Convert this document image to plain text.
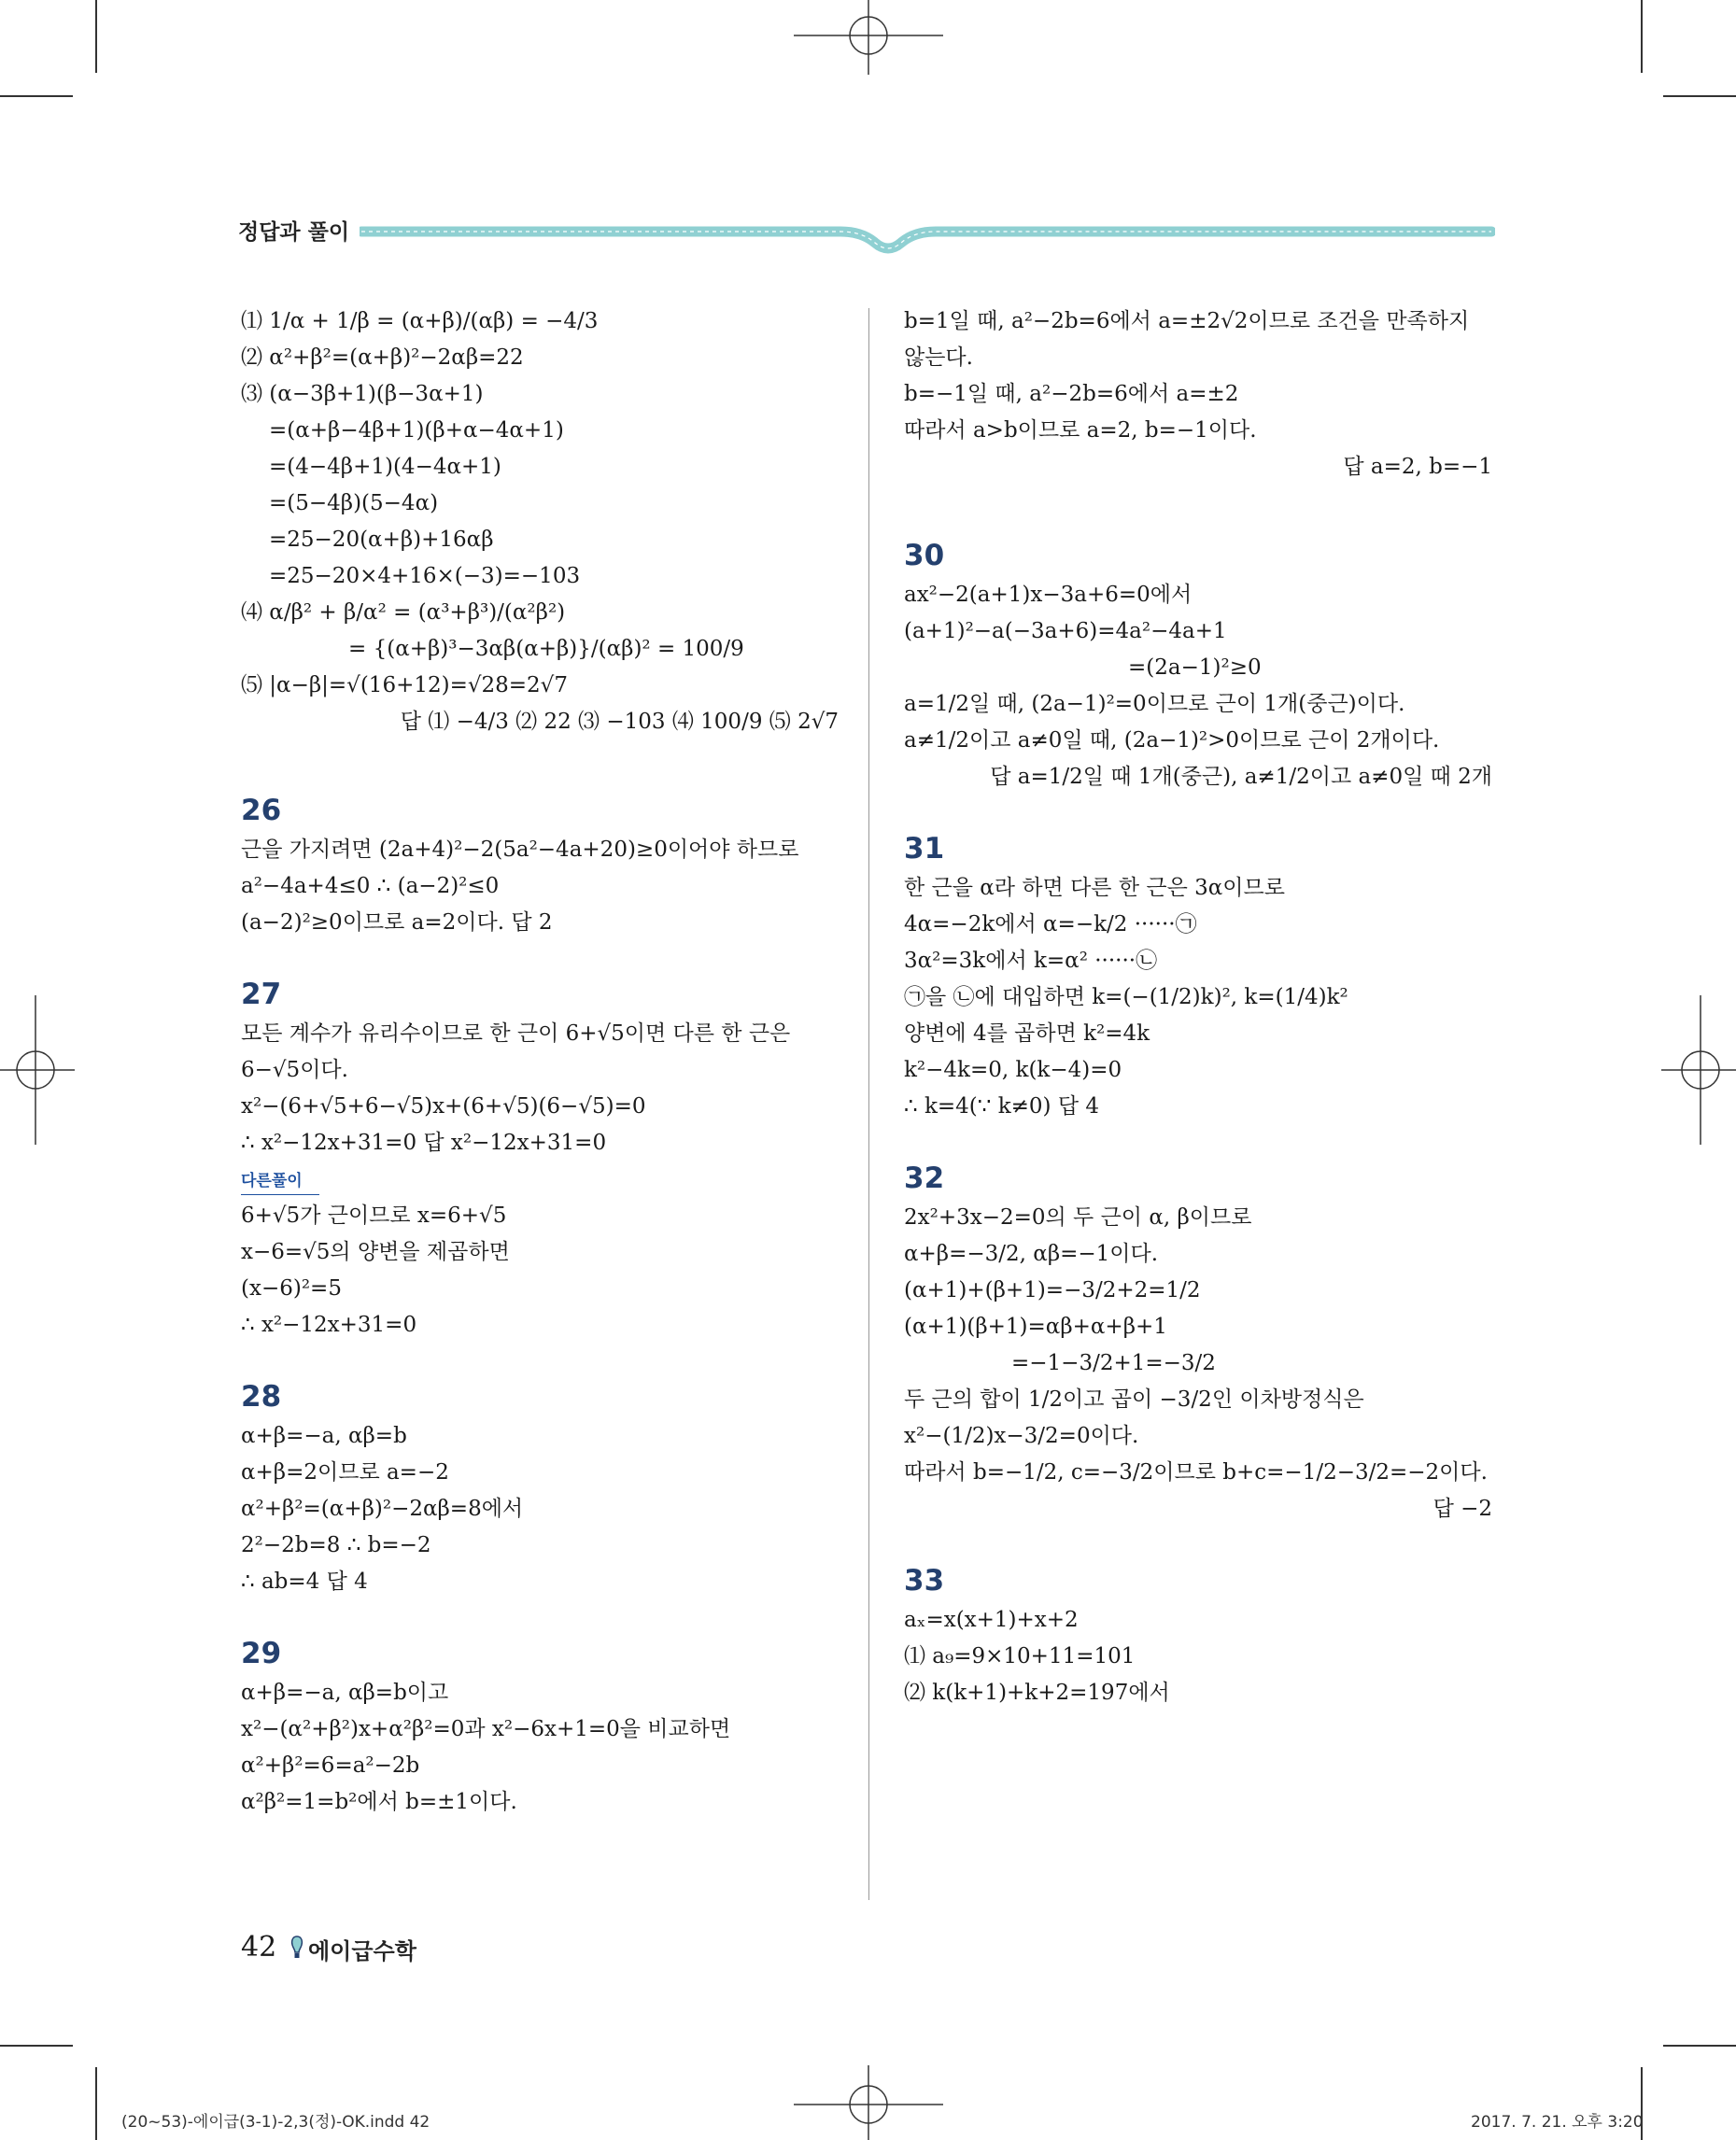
정답과 풀이
⑴ 1/α + 1/β = (α+β)/(αβ) = −4/3
⑵ α²+β²=(α+β)²−2αβ=22
⑶ (α−3β+1)(β−3α+1)
=(α+β−4β+1)(β+α−4α+1)
=(4−4β+1)(4−4α+1)
=(5−4β)(5−4α)
=25−20(α+β)+16αβ
=25−20×4+16×(−3)=−103
⑷ α/β² + β/α² = (α³+β³)/(α²β²)
= {(α+β)³−3αβ(α+β)}/(αβ)² = 100/9
⑸ |α−β|=√(16+12)=√28=2√7
답 ⑴ −4/3 ⑵ 22 ⑶ −103 ⑷ 100/9 ⑸ 2√7
26
근을 가지려면 (2a+4)²−2(5a²−4a+20)≥0이어야 하므로
a²−4a+4≤0 ∴ (a−2)²≤0
(a−2)²≥0이므로 a=2이다. 답 2
27
모든 계수가 유리수이므로 한 근이 6+√5이면 다른 한 근은
6−√5이다.
x²−(6+√5+6−√5)x+(6+√5)(6−√5)=0
∴ x²−12x+31=0 답 x²−12x+31=0
다른풀이
6+√5가 근이므로 x=6+√5
x−6=√5의 양변을 제곱하면
(x−6)²=5
∴ x²−12x+31=0
28
α+β=−a, αβ=b
α+β=2이므로 a=−2
α²+β²=(α+β)²−2αβ=8에서
2²−2b=8 ∴ b=−2
∴ ab=4 답 4
29
α+β=−a, αβ=b이고
x²−(α²+β²)x+α²β²=0과 x²−6x+1=0을 비교하면
α²+β²=6=a²−2b
α²β²=1=b²에서 b=±1이다.
b=1일 때, a²−2b=6에서 a=±2√2이므로 조건을 만족하지
않는다.
b=−1일 때, a²−2b=6에서 a=±2
따라서 a>b이므로 a=2, b=−1이다.
답 a=2, b=−1
30
ax²−2(a+1)x−3a+6=0에서
(a+1)²−a(−3a+6)=4a²−4a+1
=(2a−1)²≥0
a=1/2일 때, (2a−1)²=0이므로 근이 1개(중근)이다.
a≠1/2이고 a≠0일 때, (2a−1)²>0이므로 근이 2개이다.
답 a=1/2일 때 1개(중근), a≠1/2이고 a≠0일 때 2개
31
한 근을 α라 하면 다른 한 근은 3α이므로
4α=−2k에서 α=−k/2 ······㉠
3α²=3k에서 k=α² ······㉡
㉠을 ㉡에 대입하면 k=(−(1/2)k)², k=(1/4)k²
양변에 4를 곱하면 k²=4k
k²−4k=0, k(k−4)=0
∴ k=4(∵ k≠0) 답 4
32
2x²+3x−2=0의 두 근이 α, β이므로
α+β=−3/2, αβ=−1이다.
(α+1)+(β+1)=−3/2+2=1/2
(α+1)(β+1)=αβ+α+β+1
=−1−3/2+1=−3/2
두 근의 합이 1/2이고 곱이 −3/2인 이차방정식은
x²−(1/2)x−3/2=0이다.
따라서 b=−1/2, c=−3/2이므로 b+c=−1/2−3/2=−2이다.
답 −2
33
aₓ=x(x+1)+x+2
⑴ a₉=9×10+11=101
⑵ k(k+1)+k+2=197에서
42 에이급수학
(20~53)-에이급(3-1)-2,3(정)-OK.indd 42	2017. 7. 21. 오후 3:20
